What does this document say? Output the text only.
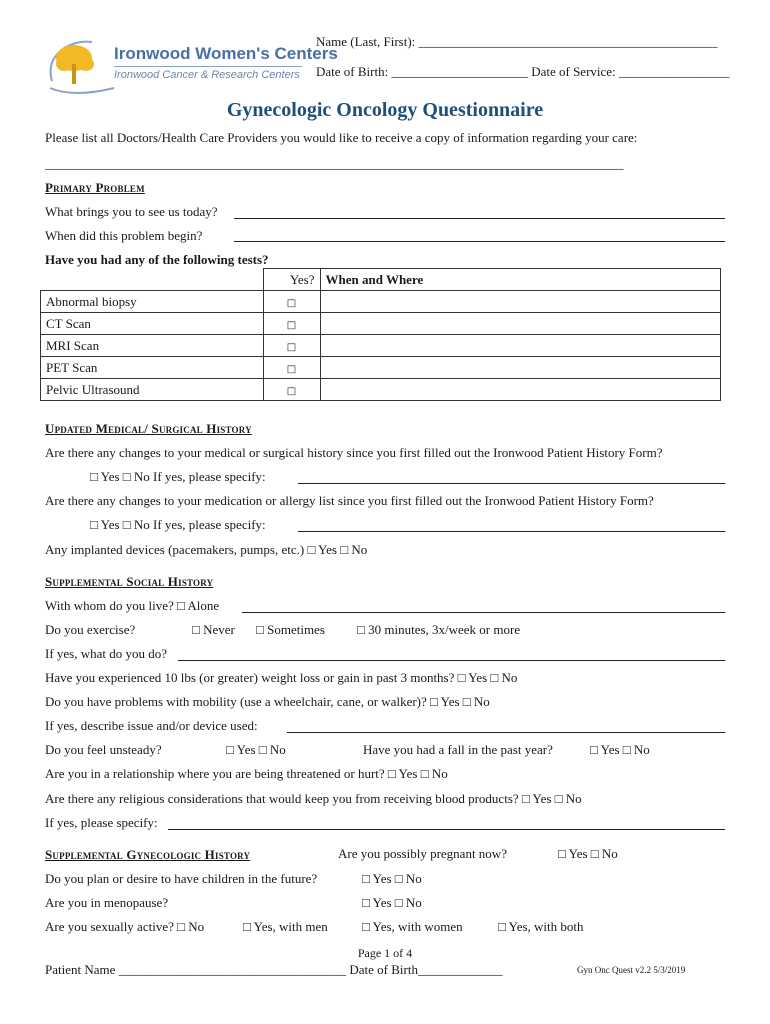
Ironwood Women's Centers
Ironwood Cancer & Research Centers
Name (Last, First): ______________________________________________
Date of Birth: _____________________ Date of Service: _________________
Gynecologic Oncology Questionnaire
Please list all Doctors/Health Care Providers you would like to receive a copy of information regarding your care:
_________________________________________________________________________________________
Primary Problem
What brings you to see us today?
When did this problem begin?
Have you had any of the following tests?
	Yes?	When and Where
Abnormal biopsy	□	
CT Scan	□	
MRI Scan	□	
PET Scan	□	
Pelvic Ultrasound	□	
Updated Medical/ Surgical History
Are there any changes to your medical or surgical history since you first filled out the Ironwood Patient History Form?
□ Yes □ No If yes, please specify:
Are there any changes to your medication or allergy list since you first filled out the Ironwood Patient History Form?
□ Yes □ No If yes, please specify:
Any implanted devices (pacemakers, pumps, etc.) □ Yes □ No
Supplemental Social History
With whom do you live? □ Alone
Do you exercise?	□ Never □ Sometimes □ 30 minutes, 3x/week or more
If yes, what do you do?
Have you experienced 10 lbs (or greater) weight loss or gain in past 3 months? □ Yes □ No
Do you have problems with mobility (use a wheelchair, cane, or walker)? □ Yes □ No
If yes, describe issue and/or device used:
Do you feel unsteady?	□ Yes □ No	Have you had a fall in the past year?	□ Yes □ No
Are you in a relationship where you are being threatened or hurt? □ Yes □ No
Are there any religious considerations that would keep you from receiving blood products? □ Yes □ No
If yes, please specify:
Supplemental Gynecologic History	Are you possibly pregnant now?	□ Yes □ No
Do you plan or desire to have children in the future?	□ Yes □ No
Are you in menopause?	□ Yes □ No
Are you sexually active? □ No	□ Yes, with men	□ Yes, with women	□ Yes, with both
Page 1 of 4
Patient Name ___________________________________ Date of Birth_____________	Gyn Onc Quest v2.2 5/3/2019
